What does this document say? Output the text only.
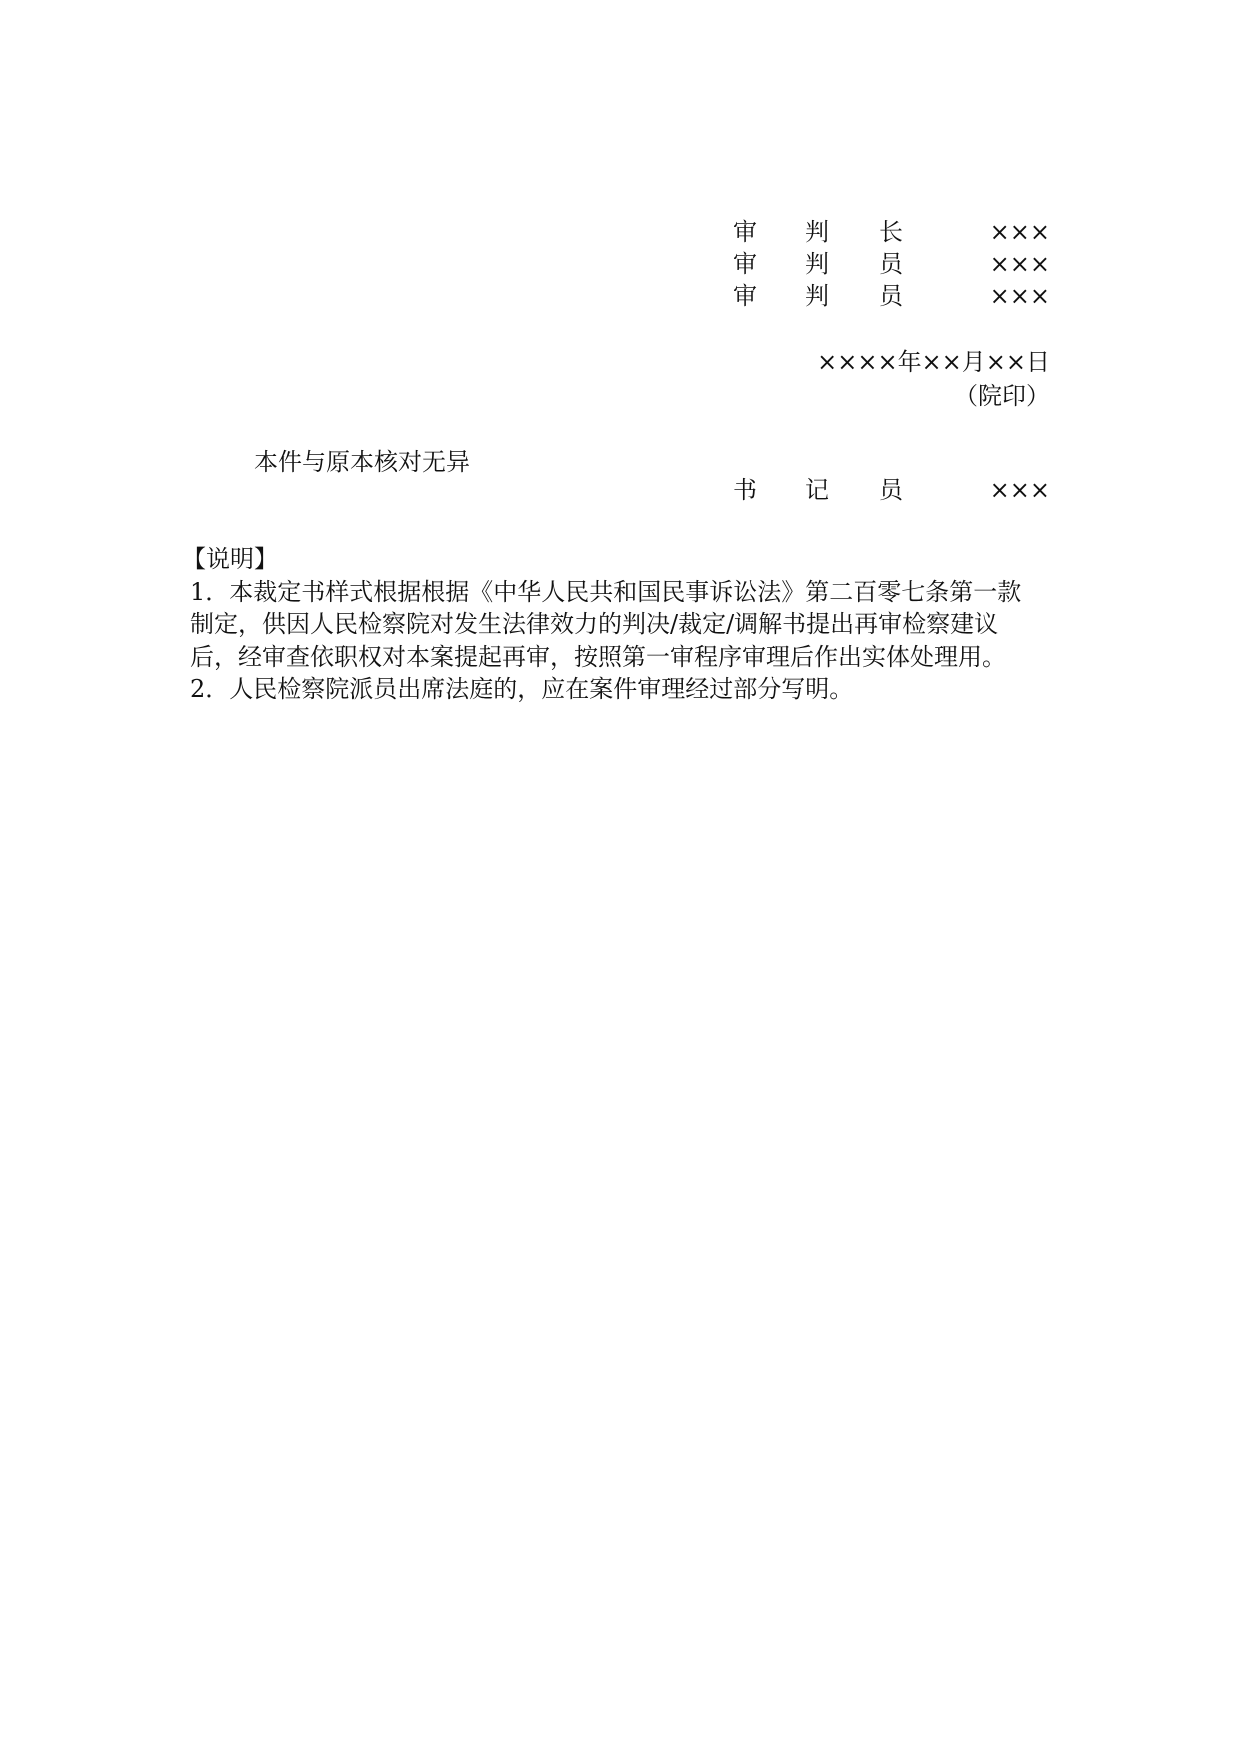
审 判 长	×××
审 判 员	×××
审 判 员	×××
××××年××月××日
（院印）
本件与原本核对无异
书 记 员	×××

【说明】

1．本裁定书样式根据根据《中华人民共和国民事诉讼法》第二百零七条第一款

制定，供因人民检察院对发生法律效力的判决/裁定/调解书提出再审检察建议

后，经审查依职权对本案提起再审，按照第一审程序审理后作出实体处理用。

2．人民检察院派员出席法庭的，应在案件审理经过部分写明。
